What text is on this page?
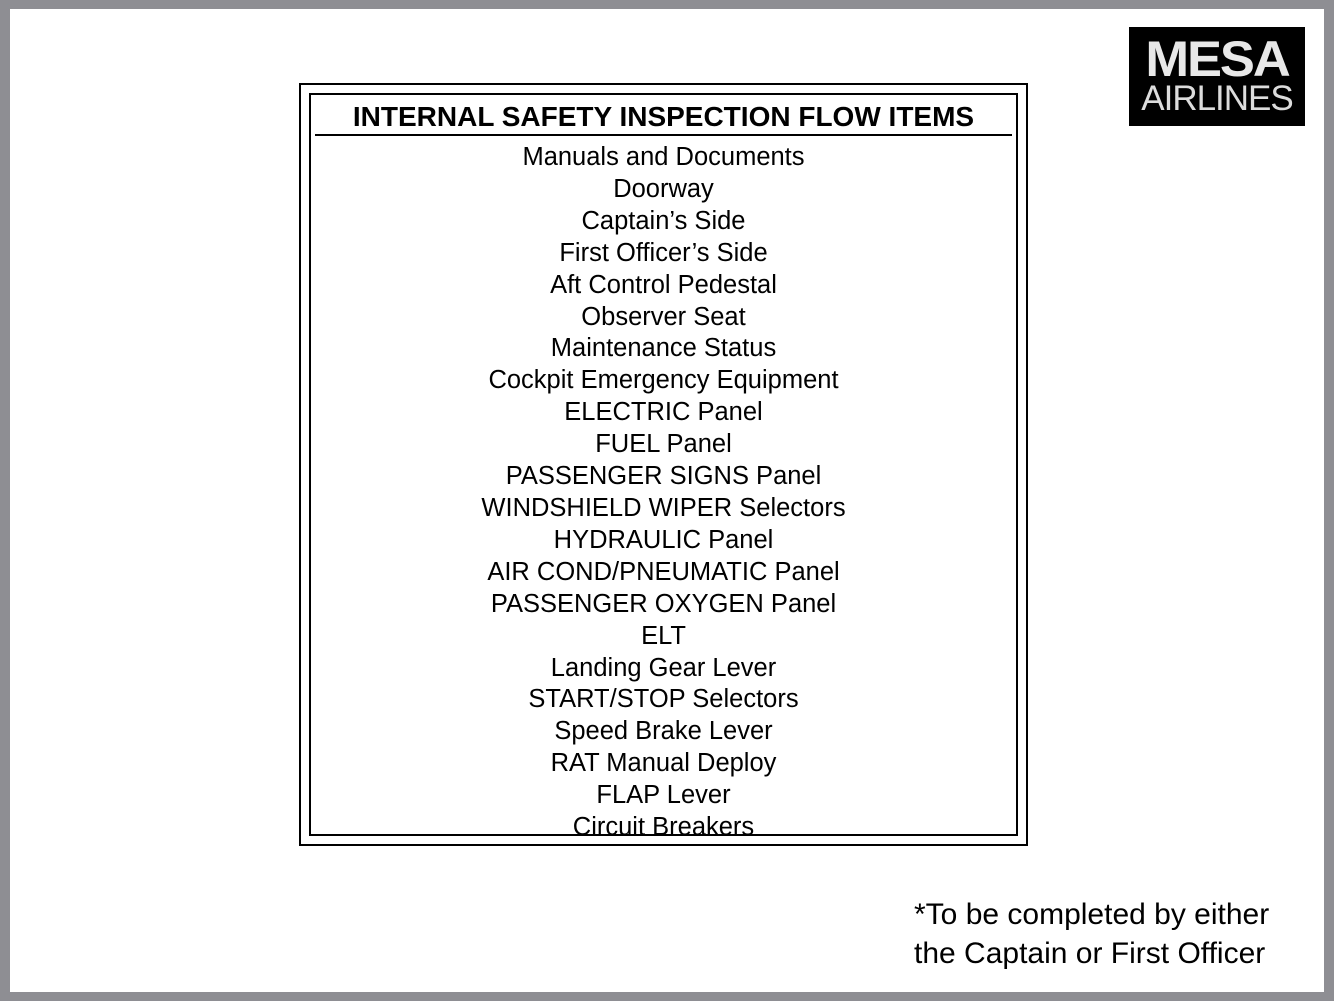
MESA
AIRLINES
INTERNAL SAFETY INSPECTION FLOW ITEMS
Manuals and Documents
Doorway
Captain’s Side
First Officer’s Side
Aft Control Pedestal
Observer Seat
Maintenance Status
Cockpit Emergency Equipment
ELECTRIC Panel
FUEL Panel
PASSENGER SIGNS Panel
WINDSHIELD WIPER Selectors
HYDRAULIC Panel
AIR COND/PNEUMATIC Panel
PASSENGER OXYGEN Panel
ELT
Landing Gear Lever
START/STOP Selectors
Speed Brake Lever
RAT Manual Deploy
FLAP Lever
Circuit Breakers
*To be completed by either
the Captain or First Officer
